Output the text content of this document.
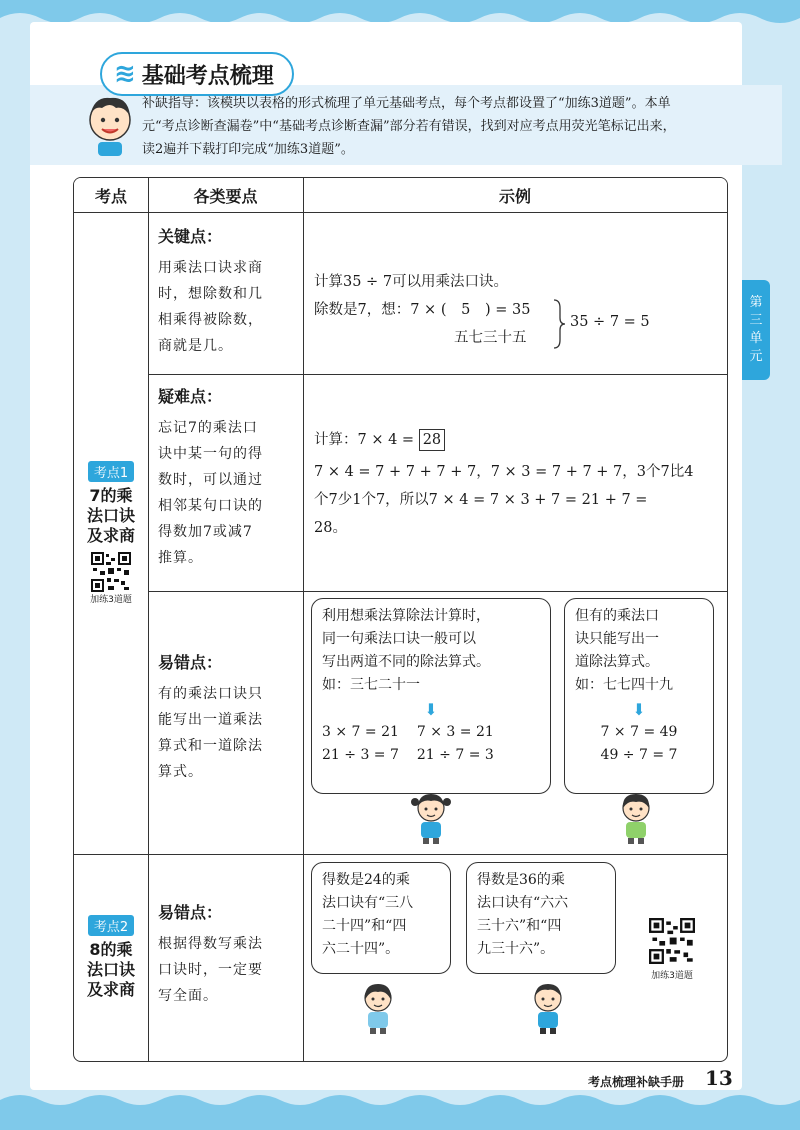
≋ 基础考点梳理
补缺指导：该模块以表格的形式梳理了单元基础考点，每个考点都设置了“加练3道题”。本单
元“考点诊断查漏卷”中“基础考点诊断查漏”部分若有错误，找到对应考点用荧光笔标记出来，
读2遍并下载打印完成“加练3道题”。
第
三
单
元
考点	各类要点	示例
考点1
7的乘
法口诀
及求商
加练3道题
考点2
8的乘
法口诀
及求商
关键点：
用乘法口诀求商
时，想除数和几
相乘得被除数，
商就是几。
计算35 ÷ 7可以用乘法口诀。
除数是7，想：7 × ( 5 ) = 35
五七三十五
35 ÷ 7 = 5
疑难点：
忘记7的乘法口
诀中某一句的得
数时，可以通过
相邻某句口诀的
得数加7或减7
推算。
计算：7 × 4 = 28
7 × 4 = 7 + 7 + 7 + 7，7 × 3 = 7 + 7 + 7，3个7比4
个7少1个7，所以7 × 4 = 7 × 3 + 7 = 21 + 7 =
28。
易错点：
有的乘法口诀只
能写出一道乘法
算式和一道除法
算式。
利用想乘法算除法计算时，
同一句乘法口诀一般可以
写出两道不同的除法算式。
如：三七二十一
⬇
3 × 7 = 21 7 × 3 = 21
21 ÷ 3 = 7 21 ÷ 7 = 3
但有的乘法口
诀只能写出一
道除法算式。
如：七七四十九
⬇
7 × 7 = 49
49 ÷ 7 = 7
易错点：
根据得数写乘法
口诀时，一定要
写全面。
得数是24的乘
法口诀有“三八
二十四”和“四
六二十四”。
得数是36的乘
法口诀有“六六
三十六”和“四
九三十六”。
加练3道题
考点梳理补缺手册 13
